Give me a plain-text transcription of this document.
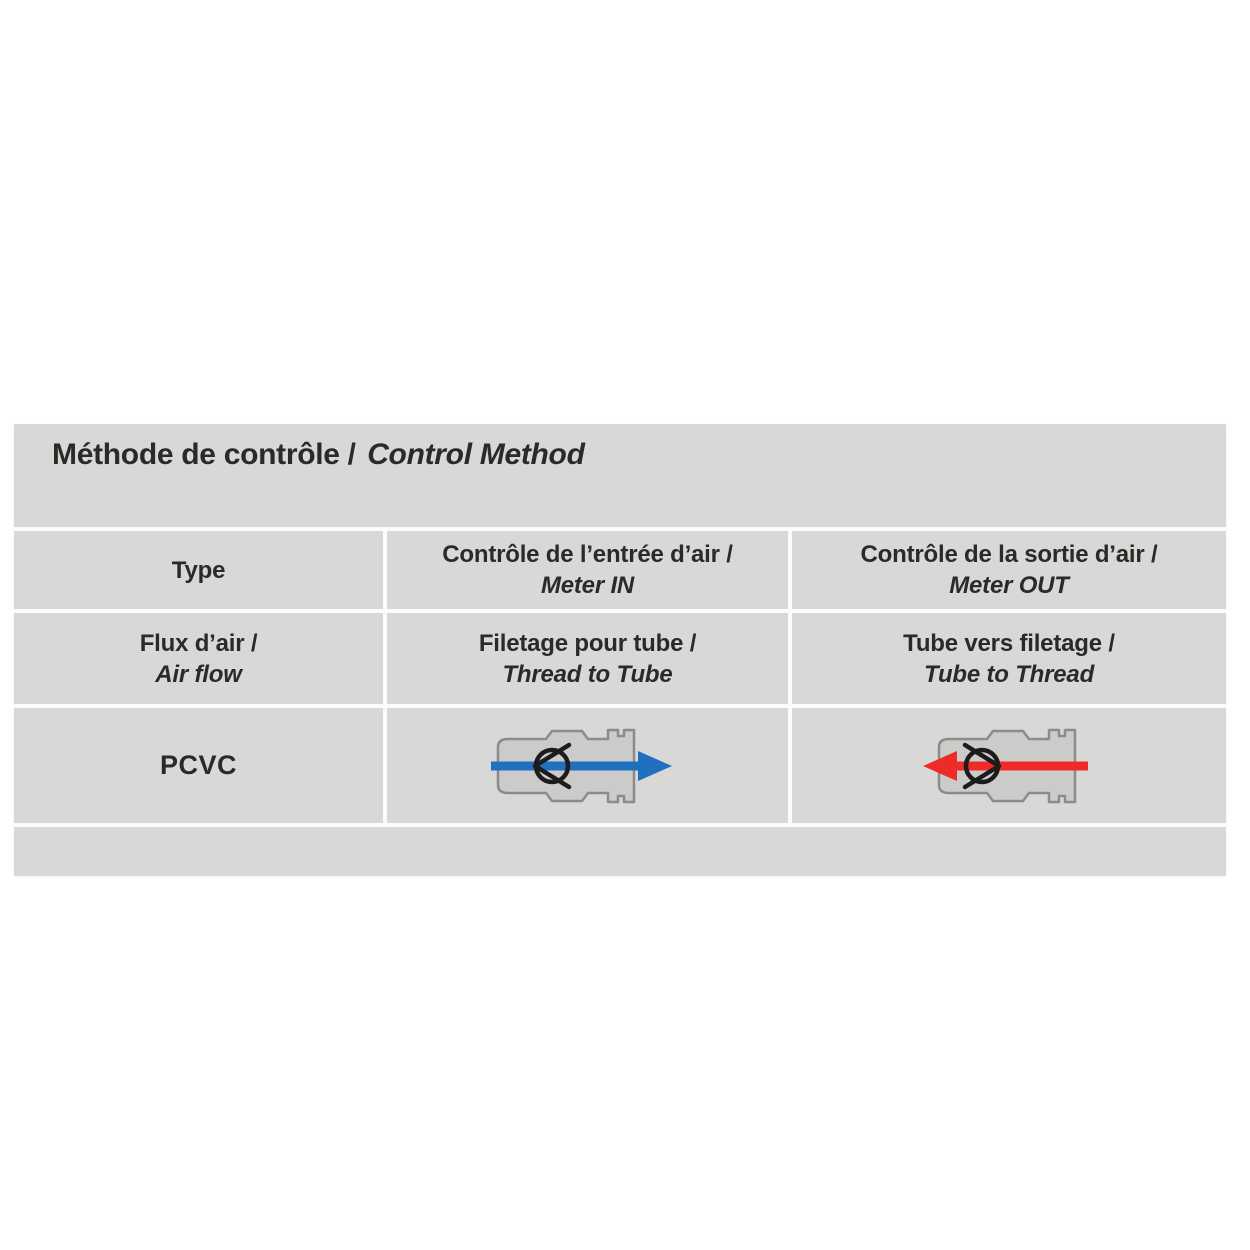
Méthode de contrôle / Control Method
Type
Contrôle de l’entrée d’air /
Meter IN
Contrôle de la sortie d’air /
Meter OUT
Flux d’air /
Air flow
Filetage pour tube /
Thread to Tube
Tube vers filetage /
Tube to Thread
PCVC
